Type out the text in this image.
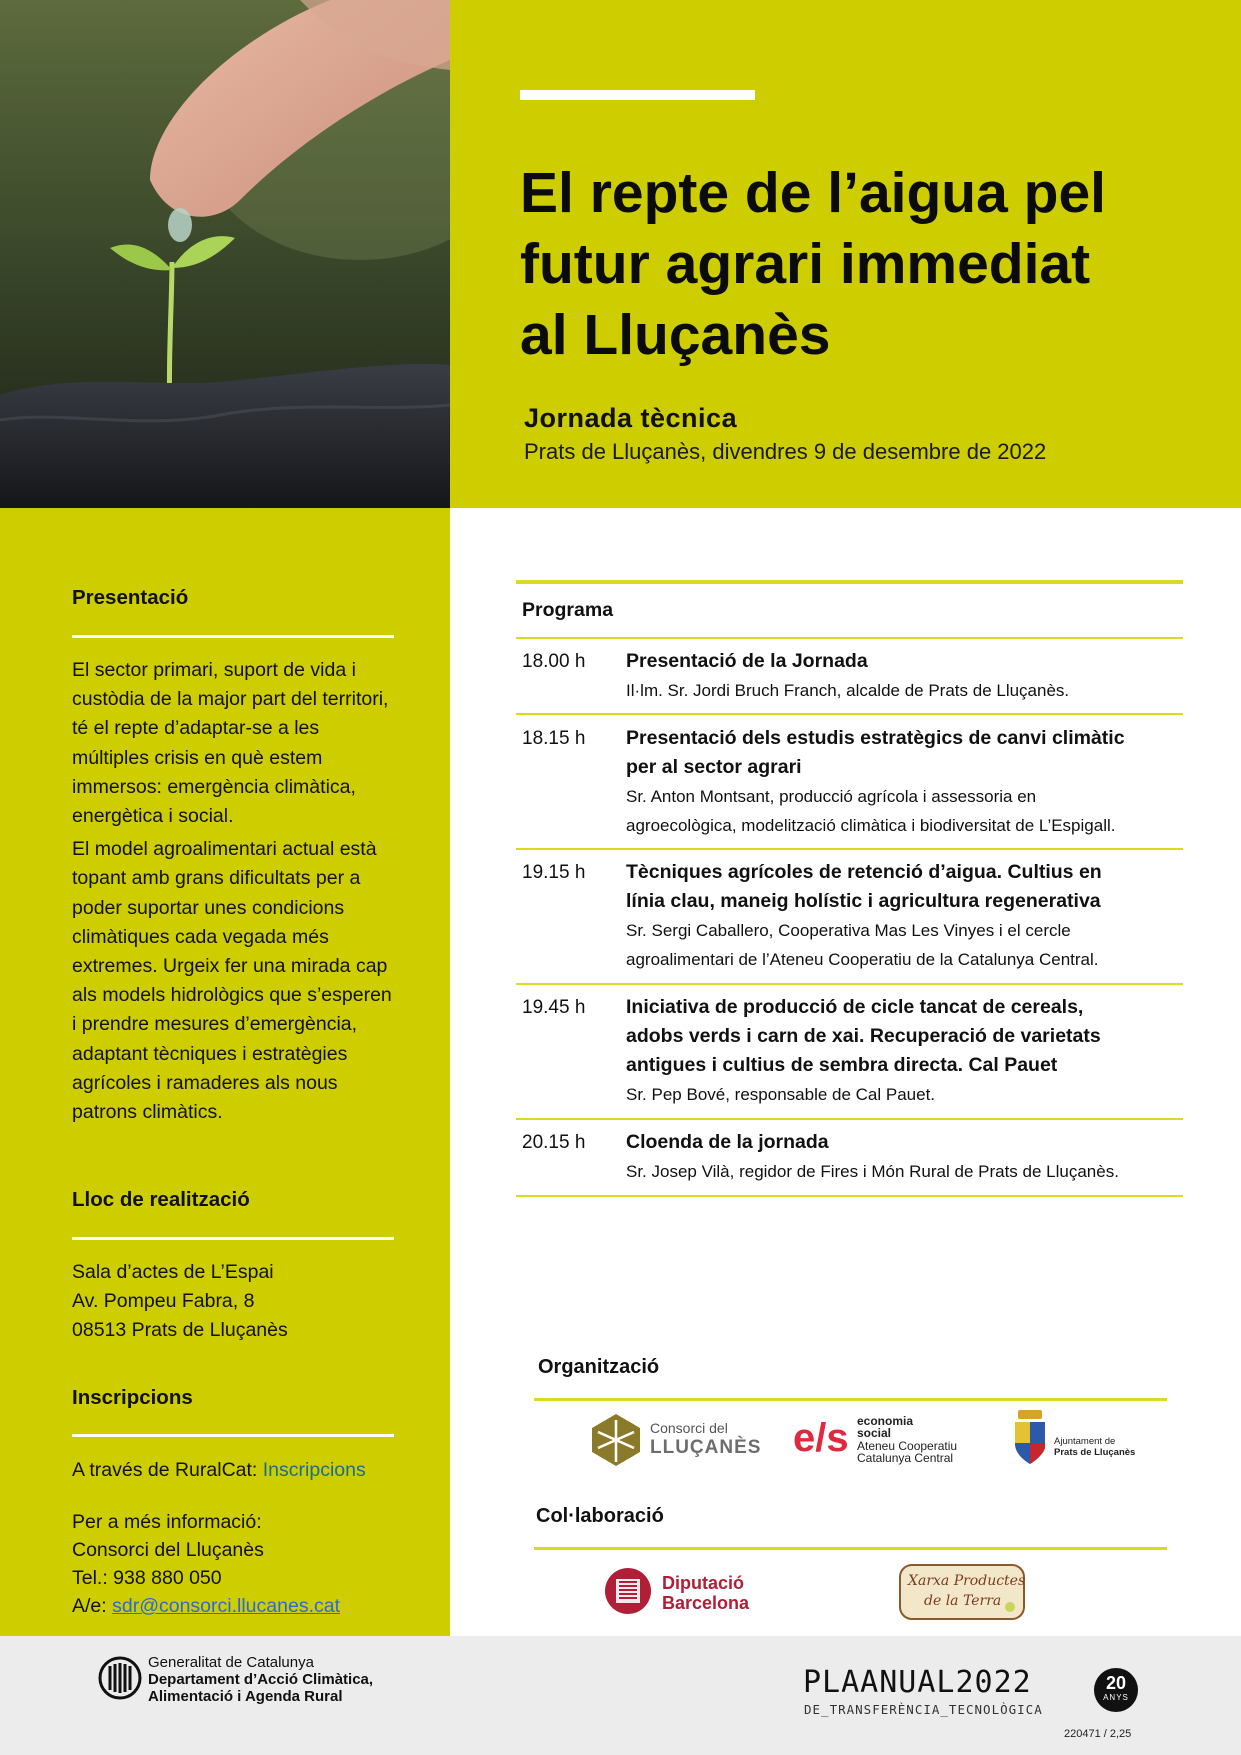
El repte de l’aigua pel
futur agrari immediat
al Lluçanès
Jornada tècnica
Prats de Lluçanès, divendres 9 de desembre de 2022
Presentació

El sector primari, suport de vida i custòdia de la major part del territori, té el repte d’adaptar-se a les múltiples crisis en què estem immersos: emergència climàtica, energètica i social.

El model agroalimentari actual està topant amb grans dificultats per a poder suportar unes condicions climàtiques cada vegada més extremes. Urgeix fer una mirada cap als models hidrològics que s’esperen i prendre mesures d’emergència, adaptant tècniques i estratègies agrícoles i ramaderes als nous patrons climàtics.

Lloc de realització
Sala d’actes de L’Espai
Av. Pompeu Fabra, 8
08513 Prats de Lluçanès
Inscripcions
A través de RuralCat: Inscripcions
Per a més informació:
Consorci del Lluçanès
Tel.: 938 880 050
A/e: sdr@consorci.llucanes.cat
Programa
18.00 h Presentació de la Jornada
Il·lm. Sr. Jordi Bruch Franch, alcalde de Prats de Lluçanès.
18.15 h Presentació dels estudis estratègics de canvi climàtic
per al sector agrari
Sr. Anton Montsant, producció agrícola i assessoria en
agroecològica, modelització climàtica i biodiversitat de L’Espigall.
19.15 h Tècniques agrícoles de retenció d’aigua. Cultius en
línia clau, maneig holístic i agricultura regenerativa
Sr. Sergi Caballero, Cooperativa Mas Les Vinyes i el cercle
agroalimentari de l’Ateneu Cooperatiu de la Catalunya Central.
19.45 h Iniciativa de producció de cicle tancat de cereals,
adobs verds i carn de xai. Recuperació de varietats
antigues i cultius de sembra directa. Cal Pauet
Sr. Pep Bové, responsable de Cal Pauet.
20.15 h Cloenda de la jornada
Sr. Josep Vilà, regidor de Fires i Món Rural de Prats de Lluçanès.
Organització
Consorci del
LLUÇANÈS e/s economia
social
Ateneu Cooperatiu
Catalunya Central
Ajuntament de
Prats de Lluçanès
Col·laboració
Diputació
Barcelona
Xarxa Productes
de la Terra
Generalitat de Catalunya
Departament d’Acció Climàtica,
Alimentació i Agenda Rural	PLAANUAL2022
DE_TRANSFERÈNCIA_TECNOLÒGICA
20
ANYS
220471 / 2,25
